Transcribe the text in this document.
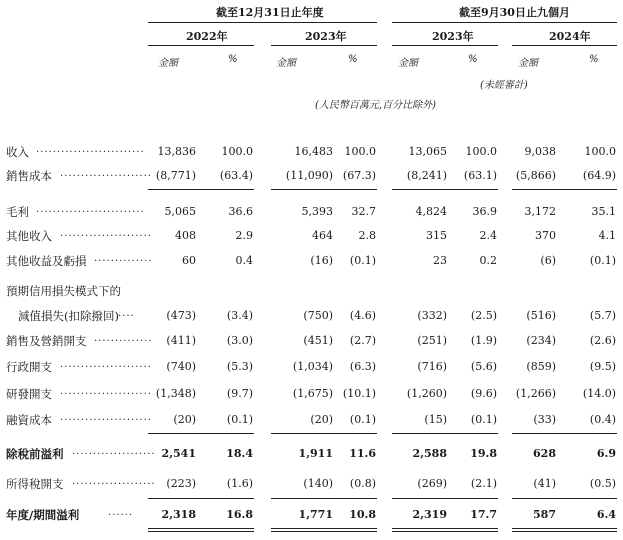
截至12月31日止年度	截至9月30日止九個月
2022年	2023年	2023年	2024年
金額	%	金額	%	金額	%	金額	%
(未經審計)
(人民幣百萬元,百分比除外)
收入 ..........................	13,836	100.0	16,483	100.0	13,065	100.0	9,038	100.0
銷售成本 ...................... (8,771)	(63.4)	(11,090) (67.3)	(8,241)	(63.1)	(5,866)	(64.9)
毛利 ..........................	5,065	36.6	5,393	32.7	4,824	36.9	3,172	35.1
其他收入 ......................	408	2.9	464	2.8	315	2.4	370	4.1
其他收益及虧損 ..............	60	0.4	(16)	(0.1)	23	0.2	(6)	(0.1)
預期信用損失模式下的
減值損失(扣除撥回) ....	(473)	(3.4)	(750)	(4.6)	(332)	(2.5)	(516)	(5.7)
銷售及營銷開支 ..............	(411)	(3.0)	(451)	(2.7)	(251)	(1.9)	(234)	(2.6)
行政開支 ......................	(740)	(5.3)	(1,034)	(6.3)	(716)	(5.6)	(859)	(9.5)
研發開支 ...................... (1,348)	(9.7)	(1,675) (10.1)	(1,260)	(9.6)	(1,266)	(14.0)
融資成本 ......................	(20)	(0.1)	(20)	(0.1)	(15)	(0.1)	(33)	(0.4)
除稅前溢利 .................... 2,541	18.4	1,911	11.6	2,588	19.8	628	6.9
所得稅開支 .................... (223)	(1.6)	(140)	(0.8)	(269)	(2.1)	(41)	(0.5)
年度/期間溢利	......	2,318	16.8	1,771	10.8	2,319	17.7	587	6.4
